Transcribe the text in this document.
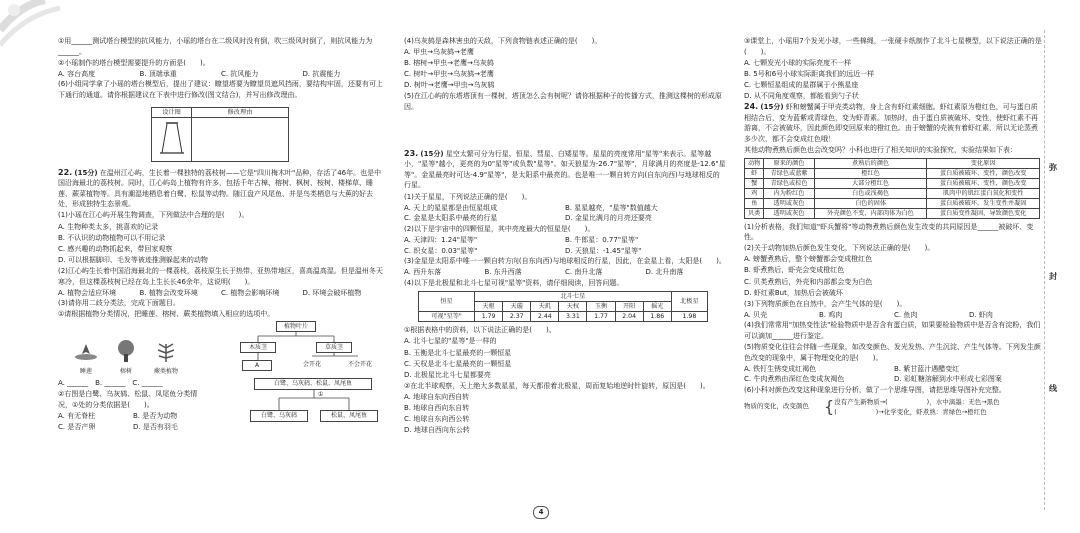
①用______测试塔台模型的抗风能力，小瑶的塔台在二级风时没有倒，吹三级风时倒了，则抗风能力为______。
②小瑶制作的塔台模型需要提升的方面是(　　)。
A. 容台高度	B. 顶端承重	C. 抗风能力	D. 抗震能力
(6)小组同学拿了小瑶的塔台模型后，提出了建议：瞭望塔要为瞭望员遮风挡雨，要结构牢固，还要有可上下通行的通道。请你根据建议在下表中进行修改(图文结合)，并写出修改理由。
设计图	修改理由

22. (15分) 在温州江心屿，生长着一棵独特的荔枝树——它是"四川梅木叶"品种，存活了46年。也是中国沿海最北的荔枝树。同时，江心屿岛上植物有许多，包括千年古樟、榕树、枫树、桉树、楼梯草、睡莲、蕨菜植物等。具有潮湿地栖息着白鹭、松鼠等动物。随江盘产风尾鱼、并是鸟类栖息与大蕉的好去处，形成独特生态景观。
(1)小瑶在江心屿开展生物调查，下列做法中合理的是(　　)。
A. 生物种类太多，挑喜欢的记录
B. 不认识的动物植物可以不用记录
C. 感兴趣的动物抓起来，带回家观察
D. 可以根据脚印、毛发等被迹推测躲起来的动物
(2)江心屿生长着中国沿海最北的一棵荔枝，荔枝原生长于热带、亚热带地区，喜高温高湿。但是温州冬天寒冷，但这棵荔枝树已经在岛上生长长46余年，这说明(　　)。
A. 植物会适应环境	B. 植物会改变环境	C. 植物会影响环境	D. 环境会破坏植物
(3)请你用二歧分类法，完成下面题目。
①请根据植物分类情况，把睡莲、榕树、蕨类植物填入相应的选项中。
睡莲	榕树	蕨类植物
植物叶片
木质茎	草质茎
A	会开花	不会开花
A. ______　B. ______　C. ______
②右图是白鹭、乌灰鸫、松鼠、凤尾鱼分类情况，①处的分类依据是(　　)。
A. 有无脊柱	B. 是否为动物
C. 是否产卵	D. 是否有羽毛
白鹭、乌灰鸫、松鼠、凤尾鱼
①
白鹭、乌灰鸫	松鼠、凤尾鱼
(4)乌灰鸫是森林害虫的天敌，下列食物链表述正确的是(　　)。
A. 甲虫→乌灰鸫→老鹰
B. 榕树→甲虫→老鹰→乌灰鸫
C. 树叶→甲虫→乌灰鸫→老鹰
D. 树叶→老鹰→甲虫→乌灰鸫
(5)在江心屿的东塔塔顶有一棵树，塔顶怎么会有树呢？请你根据种子的传播方式，推测这棵树的形成原因。
23. (15分) 星空太繁可分为行星、恒星、彗星、白矮星等。星星的亮度常用"星等"来表示。星等越小，"星等"越小，更亮的为0"星等"或负数"星等"。如天狼星为-26.7"星等"，月球满月的亮度是-12.6"星等"。金星最亮时可达-4.9"星等"，是太阳系中最亮的。也是唯一一颗自转方向(自东向西)与地球相反的行星。
(1)关于星星，下列说法正确的是(　　)。
A. 天上的星星都是由恒星组成	B. 星星越亮，"星等"数值越大
C. 金星是太阳系中最亮的行星	D. 金星比满月的月亮还要亮
(2)以下是宇宙中的四颗恒星，其中亮度最大的恒星是(　　)。
A. 天津四：1.24"星等"	B. 牛郎星：0.77"星等"
C. 织女星：0.03"星等"	D. 天狼星：-1.45"星等"
(3)金星是太阳系中唯一一颗自转方向(自东向西)与地球相反的行星，因此，在金星上看，太阳是(　　)。
A. 西升东落	B. 东升西落	C. 南升北落	D. 北升南落
(4)以下是北极星和北斗七星可视"星等"资料，请仔细阅读，回答问题。
恒星	北斗七星							北极星
	天枢	天璇	天玑	天权	玉衡	开阳	摇光	
可视"星等"	1.79	2.37	2.44	3.31	1.77	2.04	1.86	1.98
①根据表格中的资料，以下说法正确的是(　　)。
A. 北斗七星的"星等"是一样的
B. 玉衡是北斗七星最亮的一颗恒星
C. 天权是北斗七星最亮的一颗恒星
D. 北极星比北斗七星都要亮
②在北半球观察，天上绝大多数星星，每天都很着北极星，周而复始地逆时针旋转，原因是(　　)。
A. 地球自东向西自转
B. 地球自西向东自转
C. 地球自东向西公转
D. 地球自西向东公转
③课堂上，小瑶用7个发光小球，一些棉绳，一张硬卡纸制作了北斗七星模型，以下说法正确的是(　　)。
A. 七颗发光小球的实际亮度不一样
B. 5号和6号小球实际距离我们的远近一样
C. 七颗恒星组成的星群属于小熊星座
D. 从不同角度观察，都能看到勺子状
24. (15分) 虾和螃蟹属于甲壳类动物，身上含有虾红素细胞。虾红素原为橙红色，可与蛋白质相结合后，变为蓝紫或青绿色，变为虾青素。加热时，由于蛋白质被破坏、变性，使虾红素不再游离，不会被破坏，因此颜色即变回原来的橙红色。由于螃蟹的壳被有着虾红素，所以无论蒸煮多少次，都不会变成红色哦！
其他动物煮熟后颜色也会改变吗？小科也进行了相关知识的实验探究，实验结果如下表：
动物	原来的颜色	煮熟后的颜色	变化原因
虾	青绿色或蓝紫	橙红色	蛋白质被破坏、变性，颜色改变
蟹	青绿色或棕色	大部分橙红色	蛋白质被破坏、变性，颜色改变
鸡	内为粉红色	白色或浅褐色	肌肉中的肌红蛋白氧化和变性
鱼	透明或灰色	白色的固体	蛋白质被破坏，发生变性并凝固
贝类	透明或灰色	外壳颜色不变，内部肉体为白色	蛋白质变性凝固，导致颜色变化
(1)分析表格，我们知道"虾兵蟹将"等动物煮熟后颜色发生改变的共同原因是______被破坏、变性。
(2)关于动物加热后颜色发生变化，下列说法正确的是(　　)。
A. 螃蟹煮熟后，整个螃蟹都会变成橙红色
B. 虾煮熟后，虾壳会变成橙红色
C. 贝类煮熟后，外壳和内部都会变为白色
D. 虾红素But，加热后会被破坏
(3)下列物质颜色在自然中，会产生气体的是(　　)。
A. 贝壳	B. 鸡肉	C. 鱼肉	D. 虾肉
(4)我们常常用"加热变性法"检验物质中是否含有蛋白质，如果要检验物质中是否含有淀粉，我们可以滴加______进行鉴定。
(5)物质变化往往会伴随一些现象，如改变颜色、发光发热、产生沉淀、产生气体等。下列发生颜色改变的现象中，属于物理变化的是(　　)。
A. 铁钉生锈变成红褐色	B. 紫甘蓝汁遇醋变红
C. 牛肉煮熟由深红色变成灰褐色	D. 彩虹糖溶解到水中形成七彩图案
(6)小科对颜色改变这种现象进行分析，做了一个思维导图，请把思维导图补充完整。
物质的变化，改变颜色 { 没有产生新物质→(　　　　　　)，水中滴墨：无色→黑色
(　　　　　　)→化学变化，虾煮熟：青绿色→橙红色
弥
封
线
4
